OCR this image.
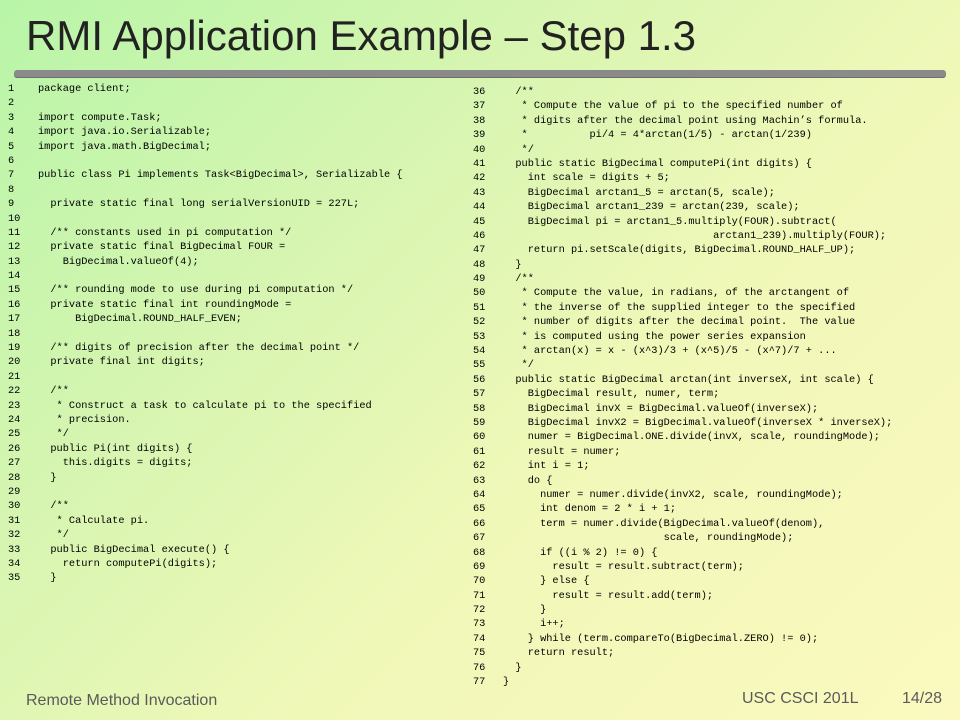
RMI Application Example – Step 1.3
1	package client;
2
3	import compute.Task;
4	import java.io.Serializable;
5	import java.math.BigDecimal;
6
7	public class Pi implements Task<BigDecimal>, Serializable {
8
9	private static final long serialVersionUID = 227L;
10
11	/** constants used in pi computation */
12	private static final BigDecimal FOUR =
13	BigDecimal.valueOf(4);
14
15	/** rounding mode to use during pi computation */
16	private static final int roundingMode =
17	BigDecimal.ROUND_HALF_EVEN;
18
19	/** digits of precision after the decimal point */
20	private final int digits;
21
22	/**
23	* Construct a task to calculate pi to the specified
24	* precision.
25	*/
26	public Pi(int digits) {
27	this.digits = digits;
28	}
29
30	/**
31	* Calculate pi.
32	*/
33	public BigDecimal execute() {
34	return computePi(digits);
35	}
36	/**
37	* Compute the value of pi to the specified number of
38	* digits after the decimal point using Machin’s formula.
39	*          pi/4 = 4*arctan(1/5) - arctan(1/239)
40	*/
41	public static BigDecimal computePi(int digits) {
42	int scale = digits + 5;
43	BigDecimal arctan1_5 = arctan(5, scale);
44	BigDecimal arctan1_239 = arctan(239, scale);
45	BigDecimal pi = arctan1_5.multiply(FOUR).subtract(
46	arctan1_239).multiply(FOUR);
47	return pi.setScale(digits, BigDecimal.ROUND_HALF_UP);
48	}
49	/**
50	* Compute the value, in radians, of the arctangent of
51	* the inverse of the supplied integer to the specified
52	* number of digits after the decimal point.  The value
53	* is computed using the power series expansion
54	* arctan(x) = x - (x^3)/3 + (x^5)/5 - (x^7)/7 + ...
55	*/
56	public static BigDecimal arctan(int inverseX, int scale) {
57	BigDecimal result, numer, term;
58	BigDecimal invX = BigDecimal.valueOf(inverseX);
59	BigDecimal invX2 = BigDecimal.valueOf(inverseX * inverseX);
60	numer = BigDecimal.ONE.divide(invX, scale, roundingMode);
61	result = numer;
62	int i = 1;
63	do {
64	numer = numer.divide(invX2, scale, roundingMode);
65	int denom = 2 * i + 1;
66	term = numer.divide(BigDecimal.valueOf(denom),
67	scale, roundingMode);
68	if ((i % 2) != 0) {
69	result = result.subtract(term);
70	} else {
71	result = result.add(term);
72	}
73	i++;
74	} while (term.compareTo(BigDecimal.ZERO) != 0);
75	return result;
76	}
77	}
Remote Method Invocation	USC CSCI 201L	14/28
